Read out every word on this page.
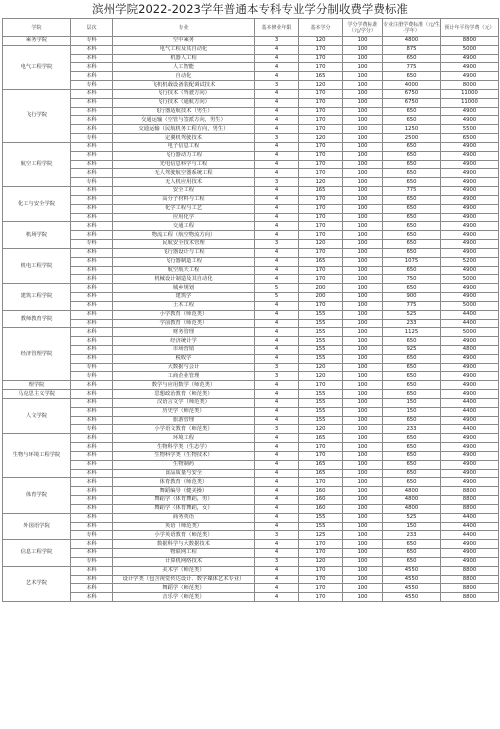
滨州学院2022-2023学年普通本专科专业学分制收费学费标准
学院	层次	专业	基本修业年限	基本学分	学分学费标准（元/学分）	专业注册学费标准（元/生·学年）	预计年平均学费（元）
乘务学院	专科	空中乘务	3	120	100	4800	8800
电气工程学院	本科	电气工程及其自动化	4	170	100	875	5000
	本科	机器人工程	4	170	100	650	4900
	本科	人工智能	4	170	100	775	4900
	本科	自动化	4	165	100	650	4900
	专科	飞机机载设备装配调试技术	3	120	100	4000	8000
飞行学院	本科	飞行技术（驾驶方向）	4	170	100	6750	11000
	本科	飞行技术（通航方向）	4	170	100	6750	11000
	本科	飞行器适航技术（男生）	4	170	100	650	4900
	本科	交通运输（空管与签派方向，男生）	4	170	100	650	4900
	本科	交通运输（民航机务工程方向，男生）	4	170	100	1250	5500
	专科	定翼机驾驶技术	3	120	100	2500	6500
航空工程学院	本科	电子信息工程	4	170	100	650	4900
	本科	飞行器动力工程	4	170	100	650	4900
	本科	光电信息科学与工程	4	170	100	650	4900
	本科	无人驾驶航空器系统工程	4	170	100	650	4900
	专科	无人机应用技术	3	120	100	650	4900
化工与安全学院	本科	安全工程	4	165	100	775	4900
	本科	高分子材料与工程	4	170	100	650	4900
	本科	化学工程与工艺	4	170	100	650	4900
	本科	应用化学	4	170	100	650	4900
机场学院	本科	交通工程	4	170	100	650	4900
	本科	物流工程（航空物流方向）	4	170	100	650	4900
	专科	民航安全技术管理	3	120	100	650	4900
机电工程学院	本科	飞行器设计与工程	4	170	100	650	4900
	本科	飞行器制造工程	4	165	100	1075	5200
	本科	航空航天工程	4	170	100	650	4900
	本科	机械设计制造及其自动化	4	170	100	750	5000
建筑工程学院	本科	城乡规划	5	200	100	650	4900
	本科	建筑学	5	200	100	900	4900
	本科	土木工程	4	170	100	775	5000
教师教育学院	本科	小学教育（师范类）	4	155	100	525	4400
	本科	学前教育（师范类）	4	155	100	233	4400
经济管理学院	本科	财务管理	4	155	100	1125	5000
	本科	经济统计学	4	155	100	650	4900
	本科	市场营销	4	155	100	925	4800
	本科	税收学	4	155	100	650	4900
	专科	大数据与会计	3	120	100	650	4900
	专科	工商企业管理	3	120	100	650	4900
理学院	本科	数学与应用数学（师范类）	4	170	100	650	4900
马克思主义学院	本科	思想政治教育（师范类）	4	155	100	650	4900
人文学院	本科	汉语言文学（师范类）	4	155	100	150	4400
	本科	历史学（师范类）	4	155	100	150	4400
	本科	旅游管理	4	155	100	650	4900
	专科	小学语文教育（师范类）	3	120	100	233	4400
生物与环境工程学院	本科	环境工程	4	165	100	650	4900
	本科	生物科学类（生态学）	4	170	100	650	4900
	本科	生物科学类（生物技术）	4	170	100	650	4900
	本科	生物制药	4	165	100	650	4900
	本科	食品质量与安全	4	165	100	650	4900
体育学院	本科	体育教育（师范类）	4	170	100	650	4900
	本科	舞蹈编导（健美操）	4	160	100	4800	8800
	本科	舞蹈学（体育舞蹈，男）	4	160	100	4800	8800
	本科	舞蹈学（体育舞蹈，女）	4	160	100	4800	8800
外国语学院	本科	商务英语	4	155	100	525	4400
	本科	英语（师范类）	4	155	100	150	4400
	专科	小学英语教育（师范类）	3	125	100	233	4400
信息工程学院	本科	数据科学与大数据技术	4	170	100	650	4900
	本科	物联网工程	4	170	100	650	4900
	专科	计算机网络技术	3	120	100	650	4900
艺术学院	本科	美术学（师范类）	4	170	100	4550	8800
	本科	设计学类（包含视觉传达设计、数字媒体艺术专业）	4	170	100	4550	8800
	本科	舞蹈学（师范类）	4	170	100	4550	8800
	本科	音乐学（师范类）	4	170	100	4550	8800
